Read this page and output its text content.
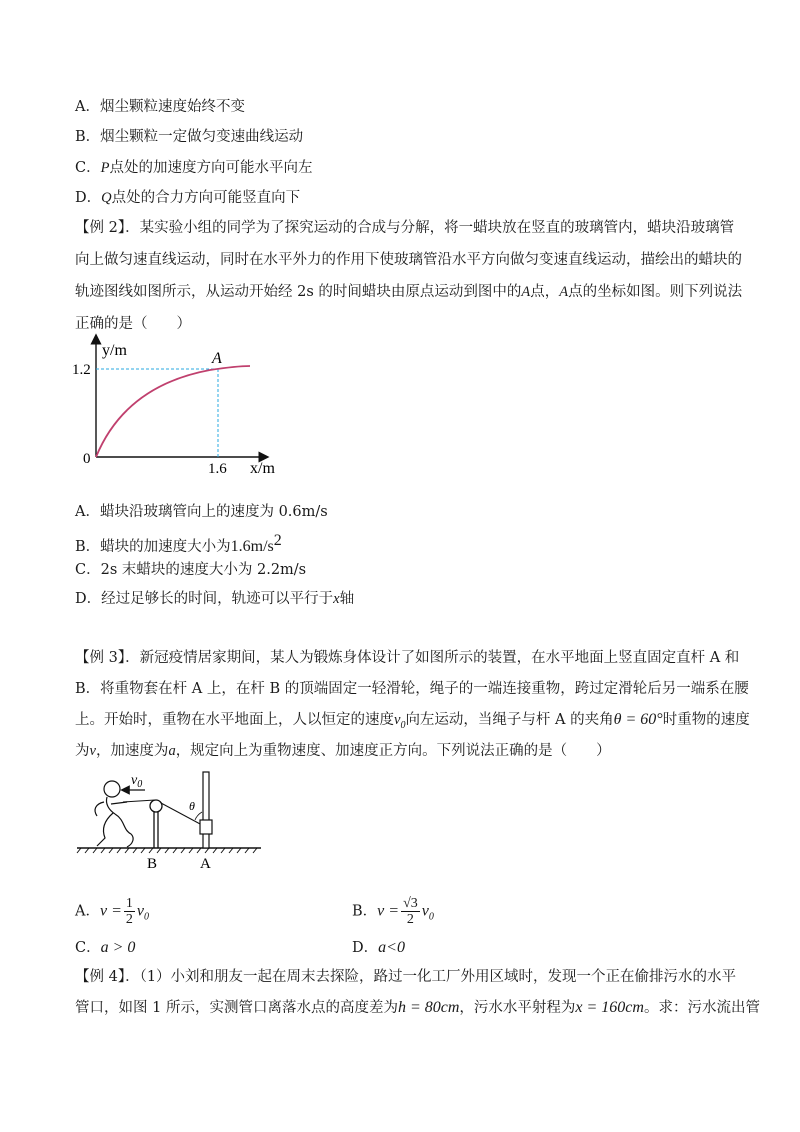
A．烟尘颗粒速度始终不变
B．烟尘颗粒一定做匀变速曲线运动
C．P点处的加速度方向可能水平向左
D．Q点处的合力方向可能竖直向下
【例 2】．某实验小组的同学为了探究运动的合成与分解，将一蜡块放在竖直的玻璃管内，蜡块沿玻璃管
向上做匀速直线运动，同时在水平外力的作用下使玻璃管沿水平方向做匀变速直线运动，描绘出的蜡块的
轨迹图线如图所示，从运动开始经 2s 的时间蜡块由原点运动到图中的A点，A点的坐标如图。则下列说法
正确的是（　　）
y/m
x/m
0
1.2
1.6
A
A．蜡块沿玻璃管向上的速度为 0.6m/s
B．蜡块的加速度大小为$1.6m/s^2$
C．2s 末蜡块的速度大小为 2.2m/s
D．经过足够长的时间，轨迹可以平行于x轴
【例 3】．新冠疫情居家期间，某人为锻炼身体设计了如图所示的装置，在水平地面上竖直固定直杆 A 和
B．将重物套在杆 A 上，在杆 B 的顶端固定一轻滑轮，绳子的一端连接重物，跨过定滑轮后另一端系在腰
上。开始时，重物在水平地面上，人以恒定的速度$v_0$向左运动，当绳子与杆 A 的夹角θ = 60°时重物的速度
为v，加速度为a，规定向上为重物速度、加速度正方向。下列说法正确的是（　　）
$v_0$
θ
B	A
A．$v = \frac{1}{2} v_0$	B．$v = \frac{√3}{2} v_0$
C．a > 0	D．a<0
【例 4】．（1）小刘和朋友一起在周末去探险，路过一化工厂外用区域时，发现一个正在偷排污水的水平
管口，如图 1 所示，实测管口离落水点的高度差为h = 80cm，污水水平射程为x = 160cm。求：污水流出管
